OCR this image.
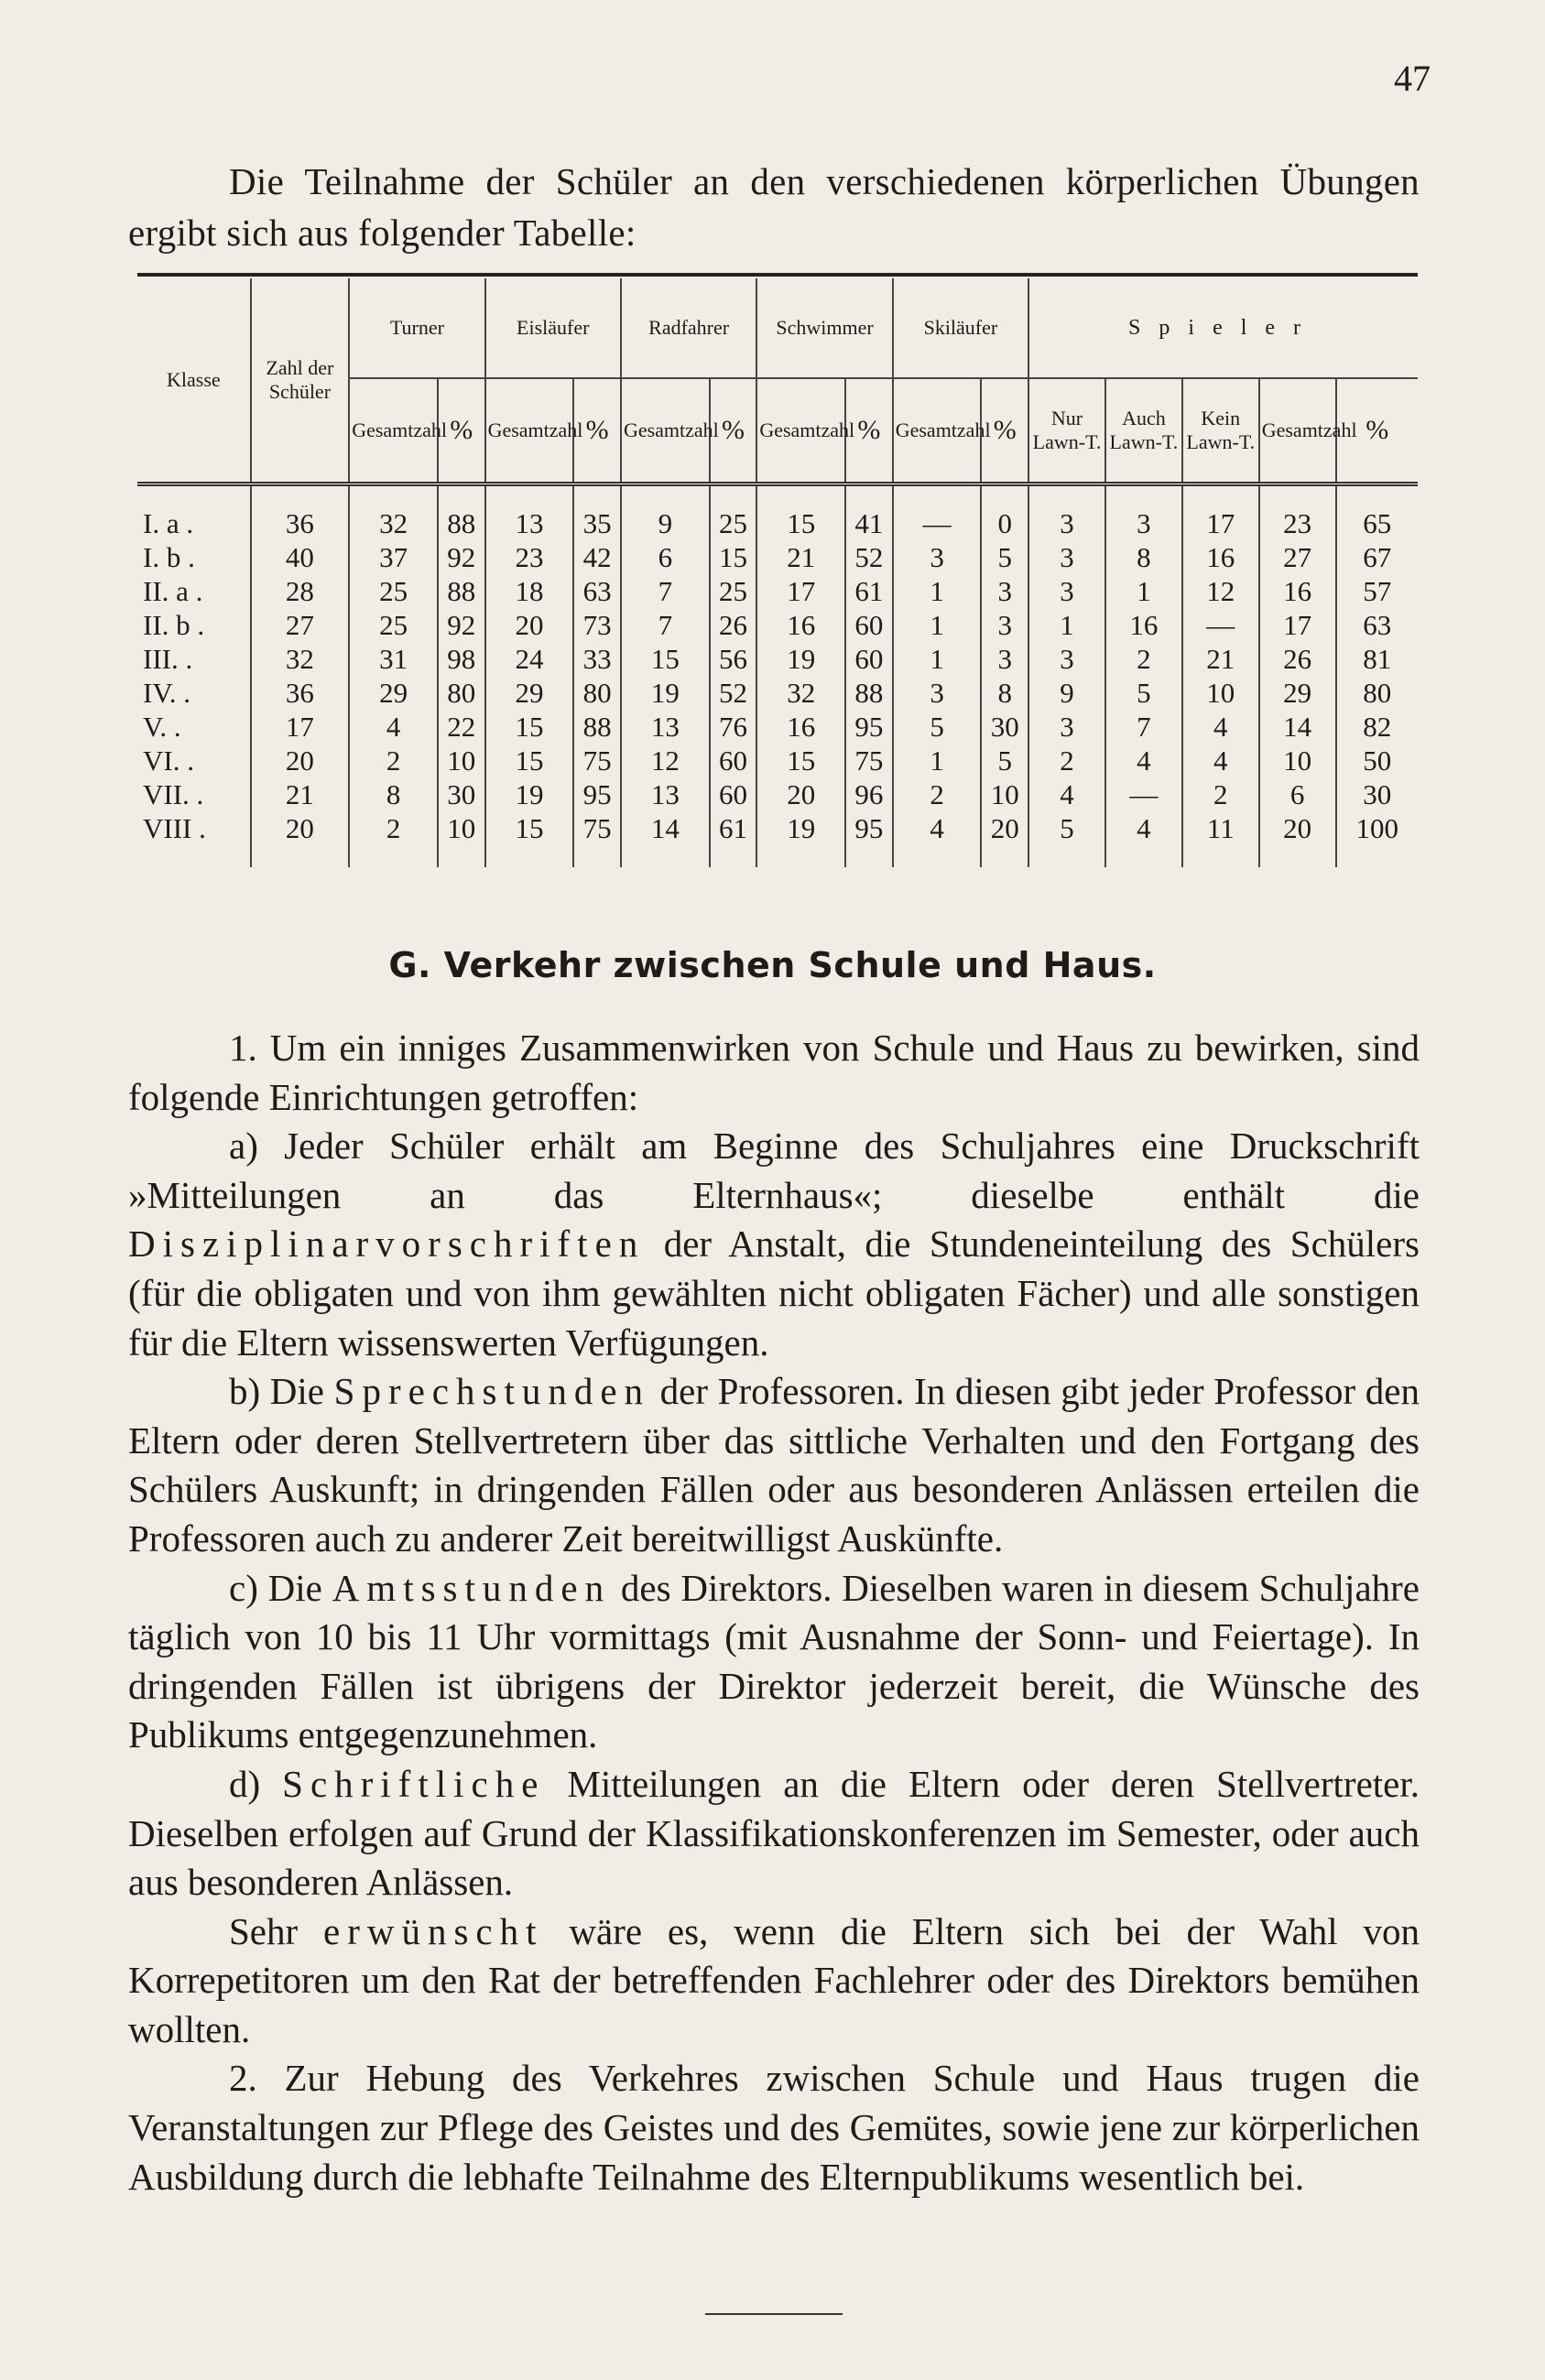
47

Die Teilnahme der Schüler an den verschiedenen körperlichen Übungen ergibt sich aus folgender Tabelle:

Klasse	Zahl der Schüler	Turner		Eisläufer		Radfahrer		Schwimmer		Skiläufer		Spieler				
		Gesamtzahl	%	Gesamtzahl	%	Gesamtzahl	%	Gesamtzahl	%	Gesamtzahl	%	Nur Lawn-T.	Auch Lawn-T.	Kein Lawn-T.	Gesamtzahl	%

I. a .	36	32	88	13	35	9	25	15	41	—	0	3	3	17	23	65
I. b .	40	37	92	23	42	6	15	21	52	3	5	3	8	16	27	67
II. a .	28	25	88	18	63	7	25	17	61	1	3	3	1	12	16	57
II. b .	27	25	92	20	73	7	26	16	60	1	3	1	16	—	17	63
III. .	32	31	98	24	33	15	56	19	60	1	3	3	2	21	26	81
IV. .	36	29	80	29	80	19	52	32	88	3	8	9	5	10	29	80
V. .	17	4	22	15	88	13	76	16	95	5	30	3	7	4	14	82
VI. .	20	2	10	15	75	12	60	15	75	1	5	2	4	4	10	50
VII. .	21	8	30	19	95	13	60	20	96	2	10	4	—	2	6	30
VIII .	20	2	10	15	75	14	61	19	95	4	20	5	4	11	20	100
G. Verkehr zwischen Schule und Haus.

1. Um ein inniges Zusammenwirken von Schule und Haus zu bewirken, sind folgende Einrichtungen getroffen:

a) Jeder Schüler erhält am Beginne des Schuljahres eine Druckschrift »Mitteilungen an das Elternhaus«; dieselbe enthält die Disziplinarvorschriften der Anstalt, die Stundeneinteilung des Schülers (für die obligaten und von ihm gewählten nicht obligaten Fächer) und alle sonstigen für die Eltern wissenswerten Verfügungen.

b) Die Sprechstunden der Professoren. In diesen gibt jeder Professor den Eltern oder deren Stellvertretern über das sittliche Verhalten und den Fortgang des Schülers Auskunft; in dringenden Fällen oder aus besonderen Anlässen erteilen die Professoren auch zu anderer Zeit bereitwilligst Auskünfte.

c) Die Amtsstunden des Direktors. Dieselben waren in diesem Schuljahre täglich von 10 bis 11 Uhr vormittags (mit Ausnahme der Sonn- und Feiertage). In dringenden Fällen ist übrigens der Direktor jederzeit bereit, die Wünsche des Publikums entgegenzunehmen.

d) Schriftliche Mitteilungen an die Eltern oder deren Stellvertreter. Dieselben erfolgen auf Grund der Klassifikationskonferenzen im Semester, oder auch aus besonderen Anlässen.

Sehr erwünscht wäre es, wenn die Eltern sich bei der Wahl von Korrepetitoren um den Rat der betreffenden Fachlehrer oder des Direktors bemühen wollten.

2. Zur Hebung des Verkehres zwischen Schule und Haus trugen die Veranstaltungen zur Pflege des Geistes und des Gemütes, sowie jene zur körperlichen Ausbildung durch die lebhafte Teilnahme des Elternpublikums wesentlich bei.
